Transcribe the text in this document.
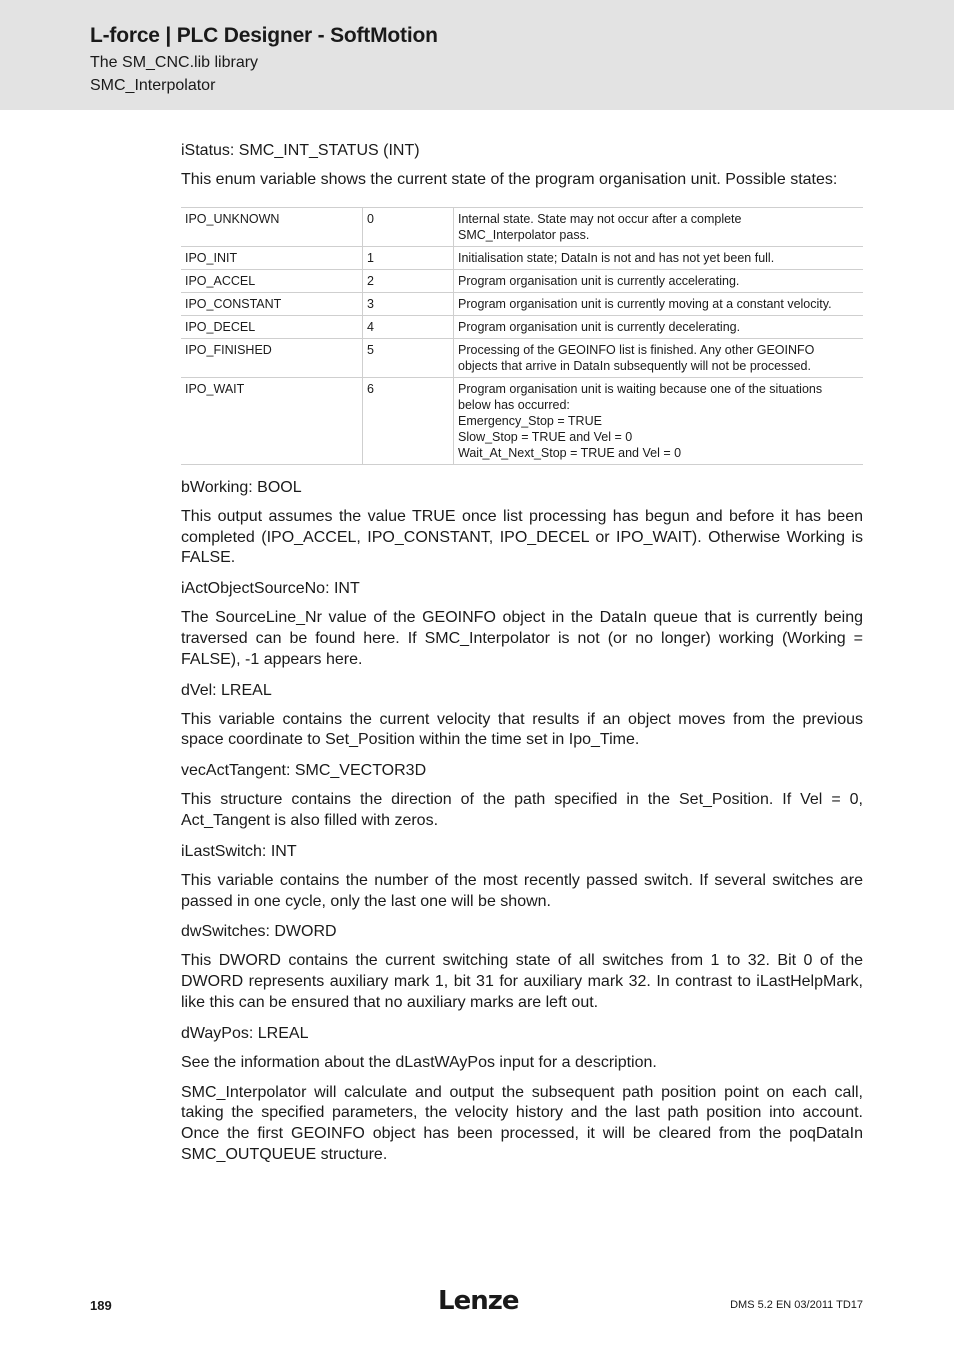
L-force | PLC Designer - SoftMotion
The SM_CNC.lib library
SMC_Interpolator

iStatus: SMC_INT_STATUS (INT)

This enum variable shows the current state of the program organisation unit. Possible states:

IPO_UNKNOWN	0	Internal state. State may not occur after a complete
SMC_Interpolator pass.

IPO_INIT	1	Initialisation state; DataIn is not and has not yet been full.

IPO_ACCEL	2	Program organisation unit is currently accelerating.

IPO_CONSTANT	3	Program organisation unit is currently moving at a constant velocity.

IPO_DECEL	4	Program organisation unit is currently decelerating.

IPO_FINISHED	5	Processing of the GEOINFO list is finished. Any other GEOINFO
objects that arrive in DataIn subsequently will not be processed.

IPO_WAIT	6	Program organisation unit is waiting because one of the situations
below has occurred:
Emergency_Stop = TRUE
Slow_Stop = TRUE and Vel = 0
Wait_At_Next_Stop = TRUE and Vel = 0

bWorking: BOOL

This output assumes the value TRUE once list processing has begun and before it has been completed (IPO_ACCEL, IPO_CONSTANT, IPO_DECEL or IPO_WAIT). Otherwise Working is FALSE.

iActObjectSourceNo: INT

The SourceLine_Nr value of the GEOINFO object in the DataIn queue that is currently being traversed can be found here. If SMC_Interpolator is not (or no longer) working (Working = FALSE), -1 appears here.

dVel: LREAL

This variable contains the current velocity that results if an object moves from the previous space coordinate to Set_Position within the time set in Ipo_Time.

vecActTangent: SMC_VECTOR3D

This structure contains the direction of the path specified in the Set_Position. If Vel = 0, Act_Tangent is also filled with zeros.

iLastSwitch: INT

This variable contains the number of the most recently passed switch. If several switches are passed in one cycle, only the last one will be shown.

dwSwitches: DWORD

This DWORD contains the current switching state of all switches from 1 to 32. Bit 0 of the DWORD represents auxiliary mark 1, bit 31 for auxiliary mark 32. In contrast to iLastHelpMark, like this can be ensured that no auxiliary marks are left out.

dWayPos: LREAL

See the information about the dLastWAyPos input for a description.

SMC_Interpolator will calculate and output the subsequent path position point on each call, taking the specified parameters, the velocity history and the last path position into account. Once the first GEOINFO object has been processed, it will be cleared from the poqDataIn SMC_OUTQUEUE structure.

189	Lenze	DMS 5.2 EN 03/2011 TD17
